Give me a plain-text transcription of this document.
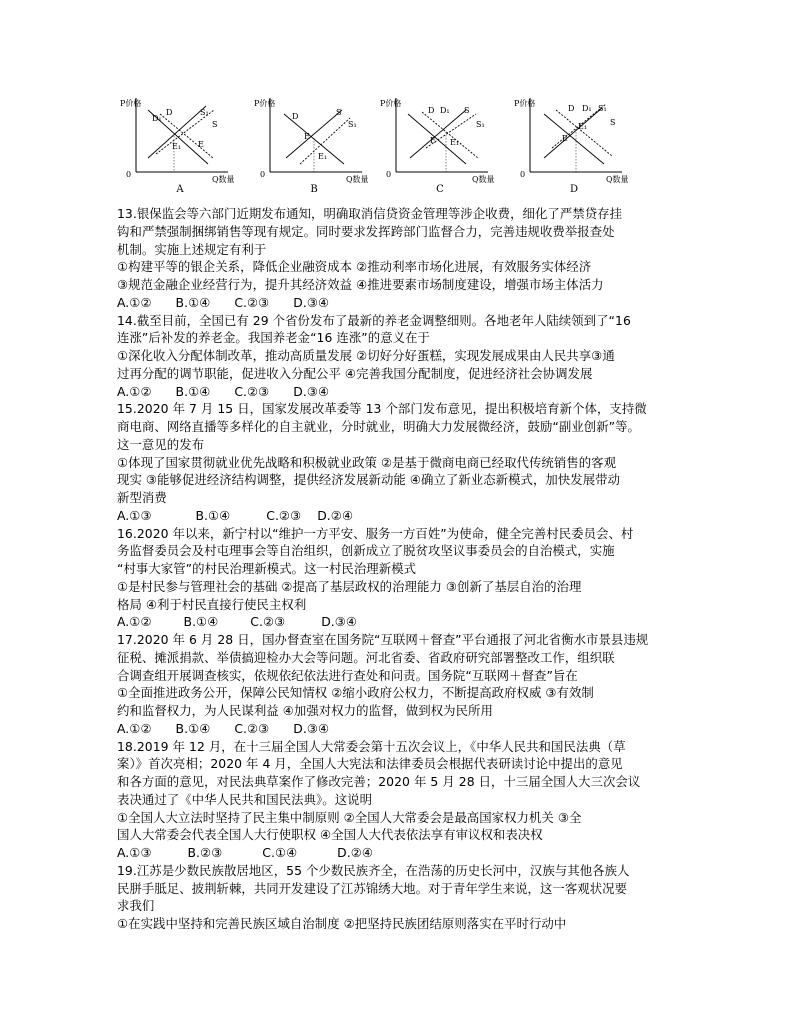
P价格
Q数量
0
D
D₁
S
S₁
E
E₁
A
P价格
Q数量
0
D	S
S₁
E
E₁
B
P价格
Q数量
0
D D₁ S
S₁
E E₁
C
P价格
Q数量
0
D D₁
S
S₁
E
E₁
D
13.银保监会等六部门近期发布通知，明确取消信贷资金管理等涉企收费，细化了严禁贷存挂
钩和严禁强制捆绑销售等现有规定。同时要求发挥跨部门监督合力，完善违规收费举报查处
机制。实施上述规定有利于
①构建平等的银企关系，降低企业融资成本 ②推动利率市场化进展，有效服务实体经济
③规范金融企业经营行为，提升其经济效益 ④推进要素市场制度建设，增强市场主体活力
A.①②      B.①④      C.②③      D.③④
14.截至目前，全国已有 29 个省份发布了最新的养老金调整细则。各地老年人陆续领到了“16
连涨”后补发的养老金。我国养老金“16 连涨”的意义在于
①深化收入分配体制改革，推动高质量发展 ②切好分好蛋糕，实现发展成果由人民共享③通
过再分配的调节职能，促进收入分配公平 ④完善我国分配制度，促进经济社会协调发展
A.①②      B.①④      C.②③      D.③④
15.2020 年 7 月 15 日，国家发展改革委等 13 个部门发布意见，提出积极培育新个体，支持微
商电商、网络直播等多样化的自主就业，分时就业，明确大力发展微经济，鼓励“副业创新”等。
这一意见的发布
①体现了国家贯彻就业优先战略和积极就业政策 ②是基于微商电商已经取代传统销售的客观
现实 ③能够促进经济结构调整，提供经济发展新动能 ④确立了新业态新模式，加快发展带动
新型消费
A.①③           B.①④         C.②③    D.②④
16.2020 年以来，新宁村以“维护一方平安、服务一方百姓”为使命，健全完善村民委员会、村
务监督委员会及村屯理事会等自治组织，创新成立了脱贫攻坚议事委员会的自治模式，实施
“村事大家管”的村民治理新模式。这一村民治理新模式
①是村民参与管理社会的基础 ②提高了基层政权的治理能力 ③创新了基层自治的治理
格局 ④利于村民直接行使民主权利
A.①②        B.①④        C.②③         D.③④
17.2020 年 6 月 28 日，国办督查室在国务院“互联网＋督查”平台通报了河北省衡水市景县违规
征税、摊派捐款、举债搞迎检办大会等问题。河北省委、省政府研究部署整改工作，组织联
合调查组开展调查核实，依规依纪依法进行查处和问责。国务院“互联网＋督查”旨在
①全面推进政务公开，保障公民知情权 ②缩小政府公权力，不断提高政府权威 ③有效制
约和监督权力，为人民谋利益 ④加强对权力的监督，做到权为民所用
A.①②      B.①④      C.②③      D.③④
18.2019 年 12 月，在十三届全国人大常委会第十五次会议上，《中华人民共和国民法典（草
案）》首次亮相；2020 年 4 月，全国人大宪法和法律委员会根据代表研读讨论中提出的意见
和各方面的意见，对民法典草案作了修改完善；2020 年 5 月 28 日，十三届全国人大三次会议
表决通过了《中华人民共和国民法典》。这说明
①全国人大立法时坚持了民主集中制原则 ②全国人大常委会是最高国家权力机关 ③全
国人大常委会代表全国人大行使职权 ④全国人大代表依法享有审议权和表决权
A.①③         B.②③          C.①④          D.②④
19.江苏是少数民族散居地区，55 个少数民族齐全，在浩荡的历史长河中，汉族与其他各族人
民胼手胝足、披荆斩棘，共同开发建设了江苏锦绣大地。对于青年学生来说，这一客观状况要
求我们
①在实践中坚持和完善民族区域自治制度 ②把坚持民族团结原则落实在平时行动中
